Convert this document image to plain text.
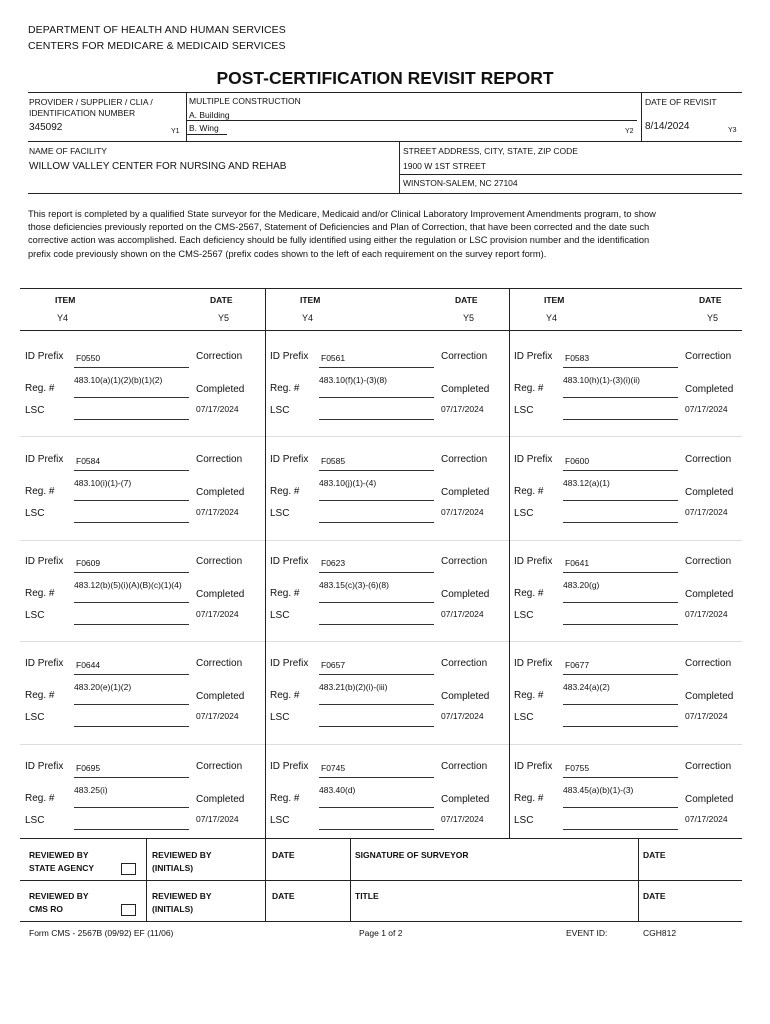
DEPARTMENT OF HEALTH AND HUMAN SERVICES
CENTERS FOR MEDICARE & MEDICAID SERVICES
POST-CERTIFICATION REVISIT REPORT
PROVIDER / SUPPLIER / CLIA /
IDENTIFICATION NUMBER
345092	Y1
MULTIPLE CONSTRUCTION
A. Building
B. Wing	Y2
DATE OF REVISIT
8/14/2024	Y3
NAME OF FACILITY
WILLOW VALLEY CENTER FOR NURSING AND REHAB
STREET ADDRESS, CITY, STATE, ZIP CODE
1900 W 1ST STREET
WINSTON-SALEM, NC 27104
This report is completed by a qualified State surveyor for the Medicare, Medicaid and/or Clinical Laboratory Improvement Amendments program, to show those deficiencies previously reported on the CMS-2567, Statement of Deficiencies and Plan of Correction, that have been corrected and the date such corrective action was accomplished. Each deficiency should be fully identified using either the regulation or LSC provision number and the identification prefix code previously shown on the CMS-2567 (prefix codes shown to the left of each requirement on the survey report form).
ITEM
Y4
DATE
Y5
ITEM
Y4
DATE
Y5
ITEM
Y4
DATE
Y5
ID Prefix F0550	Correction
Reg. #
483.10(a)(1)(2)(b)(1)(2)
Completed
LSC	07/17/2024
ID Prefix F0561	Correction
Reg. #
483.10(f)(1)-(3)(8)
Completed
LSC	07/17/2024
ID Prefix F0583	Correction
Reg. #
483.10(h)(1)-(3)(i)(ii)
Completed
LSC	07/17/2024
ID Prefix F0584	Correction
Reg. #
483.10(i)(1)-(7)
Completed
LSC	07/17/2024
ID Prefix F0585	Correction
Reg. #
483.10(j)(1)-(4)
Completed
LSC	07/17/2024
ID Prefix F0600	Correction
Reg. #
483.12(a)(1)
Completed
LSC	07/17/2024
ID Prefix F0609	Correction
Reg. #
483.12(b)(5)(i)(A)(B)(c)(1)(4)
Completed
LSC	07/17/2024
ID Prefix F0623	Correction
Reg. #
483.15(c)(3)-(6)(8)
Completed
LSC	07/17/2024
ID Prefix F0641	Correction
Reg. #
483.20(g)
Completed
LSC	07/17/2024
ID Prefix F0644	Correction
Reg. #
483.20(e)(1)(2)
Completed
LSC	07/17/2024
ID Prefix F0657	Correction
Reg. #
483.21(b)(2)(i)-(iii)
Completed
LSC	07/17/2024
ID Prefix F0677	Correction
Reg. #
483.24(a)(2)
Completed
LSC	07/17/2024
ID Prefix F0695	Correction
Reg. #
483.25(i)
Completed
LSC	07/17/2024
ID Prefix F0745	Correction
Reg. #
483.40(d)
Completed
LSC	07/17/2024
ID Prefix F0755	Correction
Reg. #
483.45(a)(b)(1)-(3)
Completed
LSC	07/17/2024
REVIEWED BY
STATE AGENCY
REVIEWED BY
(INITIALS)
DATE	SIGNATURE OF SURVEYOR	DATE
REVIEWED BY
CMS RO
REVIEWED BY
(INITIALS)
DATE	TITLE	DATE
Form CMS - 2567B (09/92) EF (11/06)	Page 1 of 2	EVENT ID:	CGH812
